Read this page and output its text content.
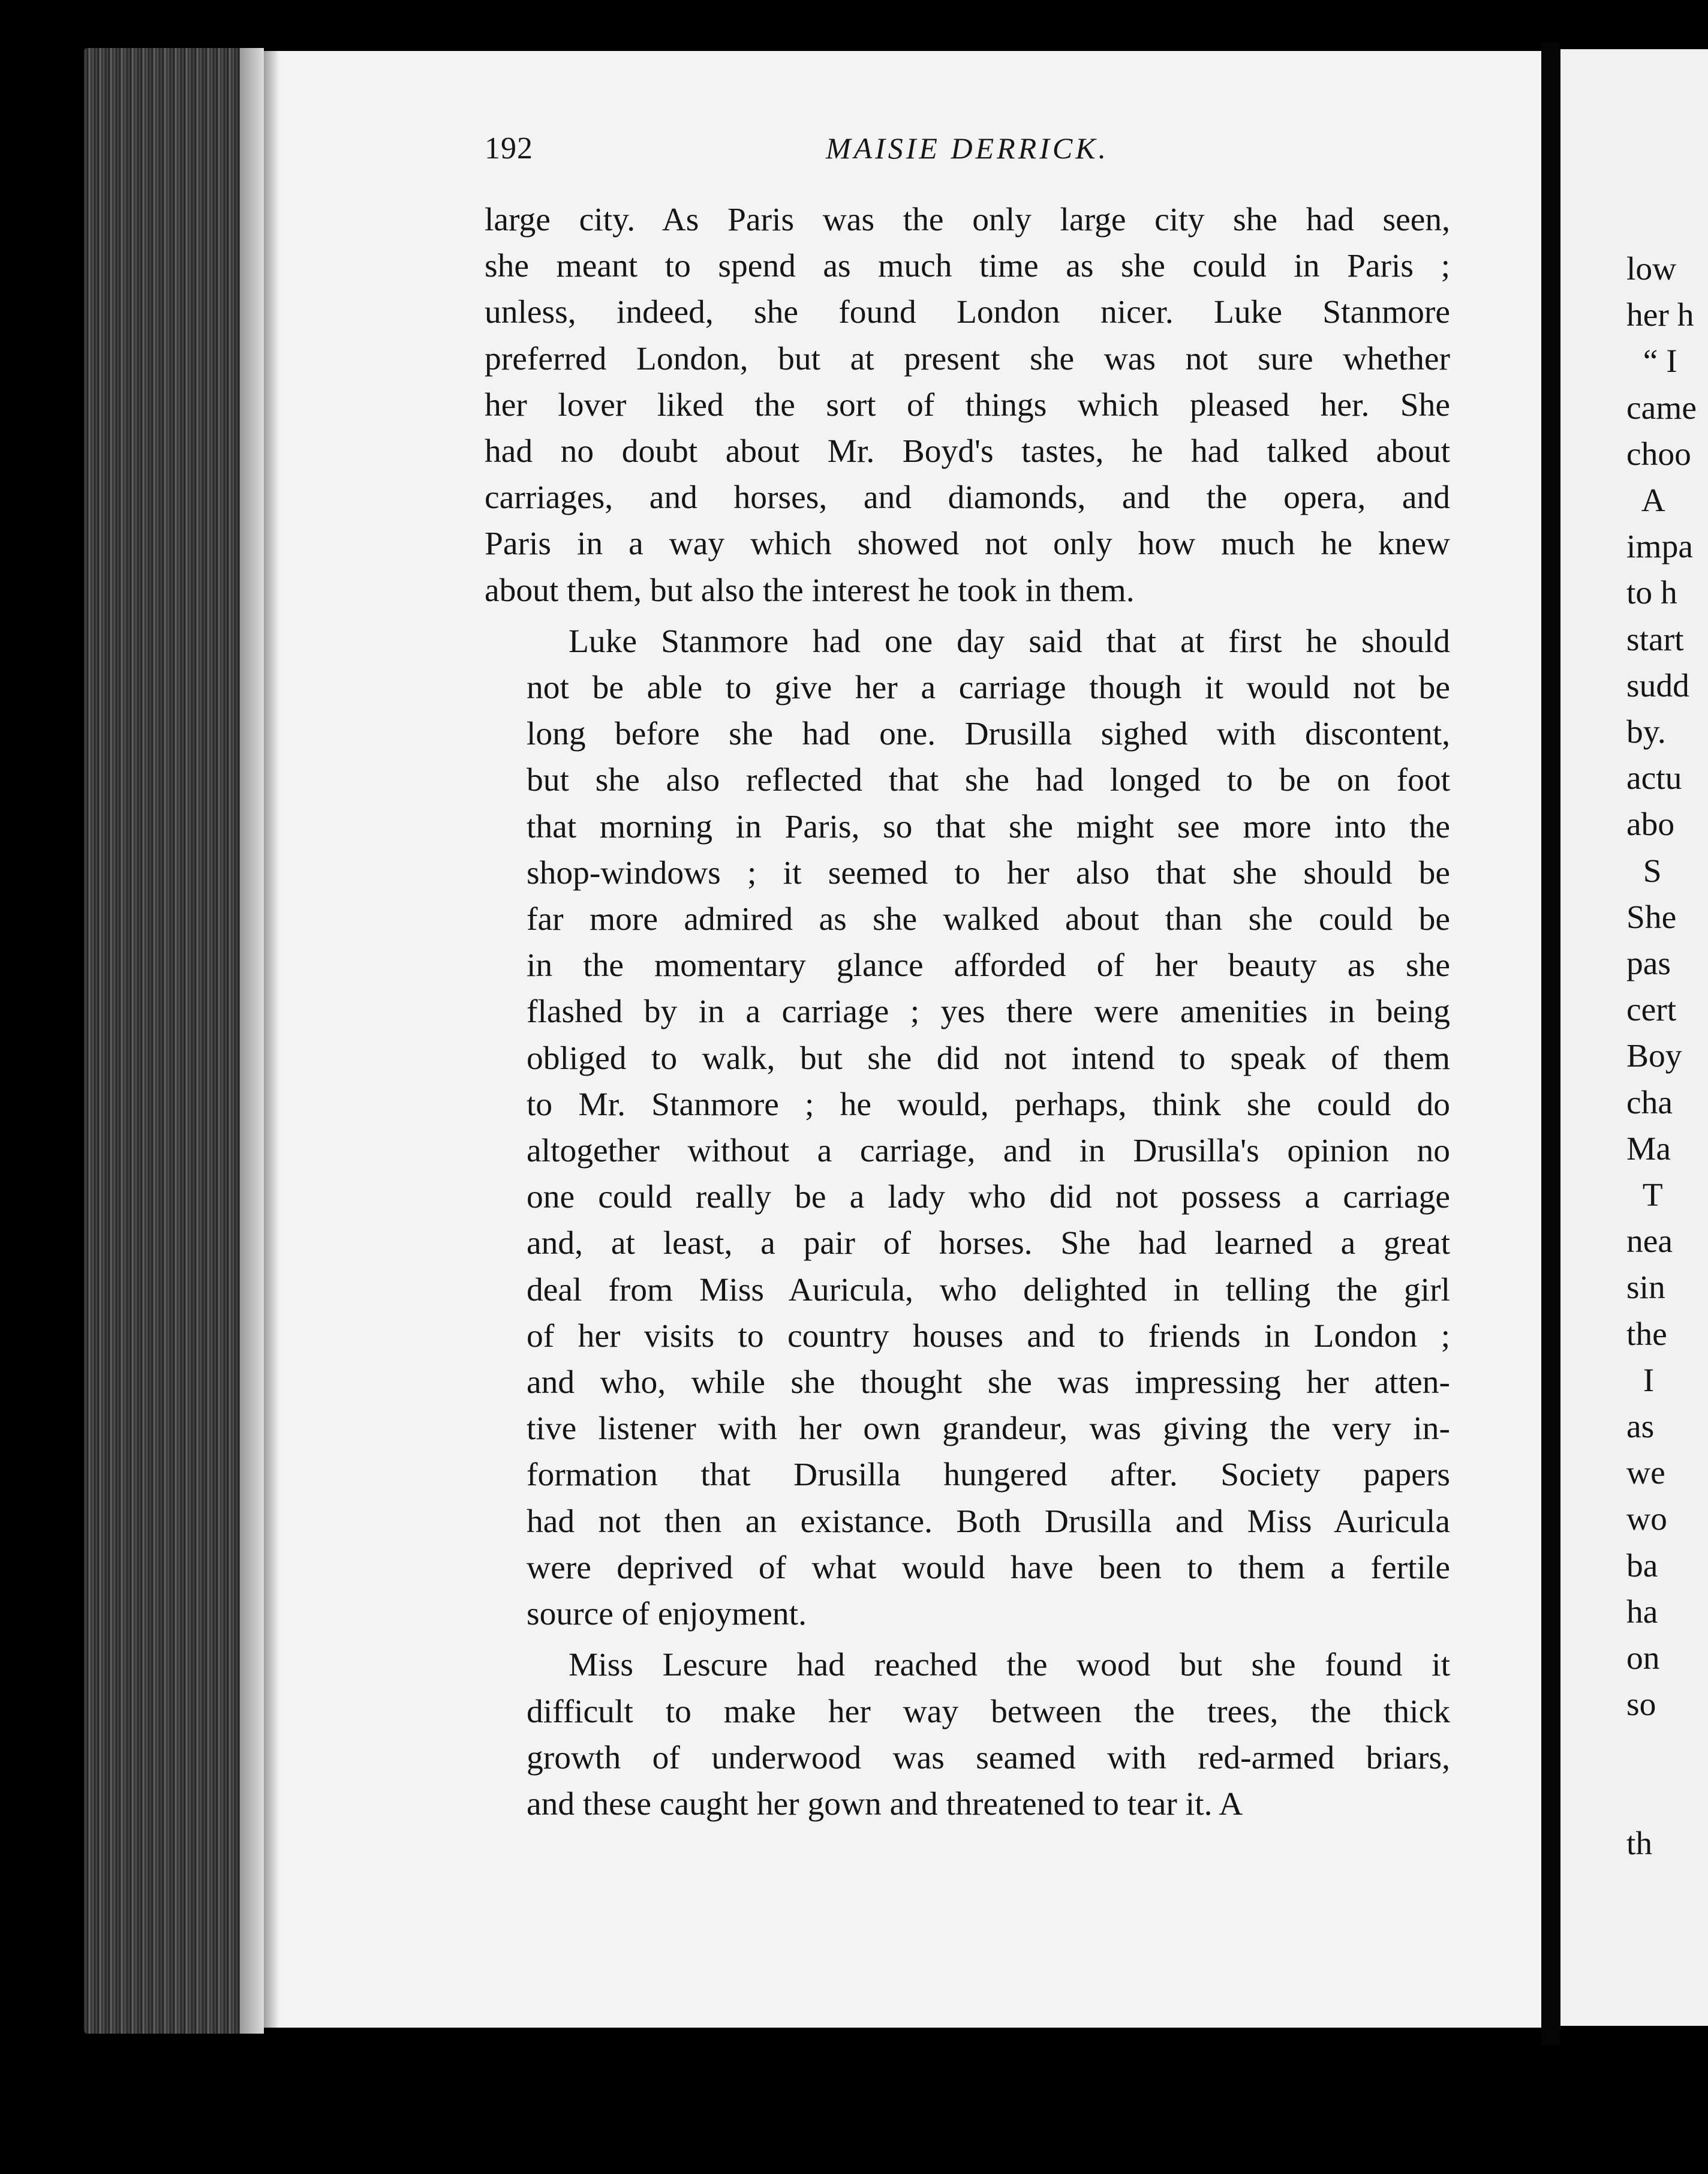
low
her h
“ I
came
choo
A
impa
to h
start
sudd
by.
actu
abo
S
She
pas
cert
Boy
cha
Ma
T
nea
sin
the
I
as
we
wo
ba
ha
on
so

th
192	MAISIE DERRICK.
large city. As Paris was the only large city she had seen,
she meant to spend as much time as she could in Paris ;
unless, indeed, she found London nicer. Luke Stanmore
preferred London, but at present she was not sure whether
her lover liked the sort of things which pleased her. She
had no doubt about Mr. Boyd's tastes, he had talked about
carriages, and horses, and diamonds, and the opera, and
Paris in a way which showed not only how much he knew
about them, but also the interest he took in them.
Luke Stanmore had one day said that at first he should
not be able to give her a carriage though it would not be
long before she had one. Drusilla sighed with discontent,
but she also reflected that she had longed to be on foot
that morning in Paris, so that she might see more into the
shop-windows ; it seemed to her also that she should be
far more admired as she walked about than she could be
in the momentary glance afforded of her beauty as she
flashed by in a carriage ; yes there were amenities in being
obliged to walk, but she did not intend to speak of them
to Mr. Stanmore ; he would, perhaps, think she could do
altogether without a carriage, and in Drusilla's opinion no
one could really be a lady who did not possess a carriage
and, at least, a pair of horses. She had learned a great
deal from Miss Auricula, who delighted in telling the girl
of her visits to country houses and to friends in London ;
and who, while she thought she was impressing her atten-
tive listener with her own grandeur, was giving the very in-
formation that Drusilla hungered after. Society papers
had not then an existance. Both Drusilla and Miss Auricula
were deprived of what would have been to them a fertile
source of enjoyment.
Miss Lescure had reached the wood but she found it
difficult to make her way between the trees, the thick
growth of underwood was seamed with red-armed briars,
and these caught her gown and threatened to tear it. A
